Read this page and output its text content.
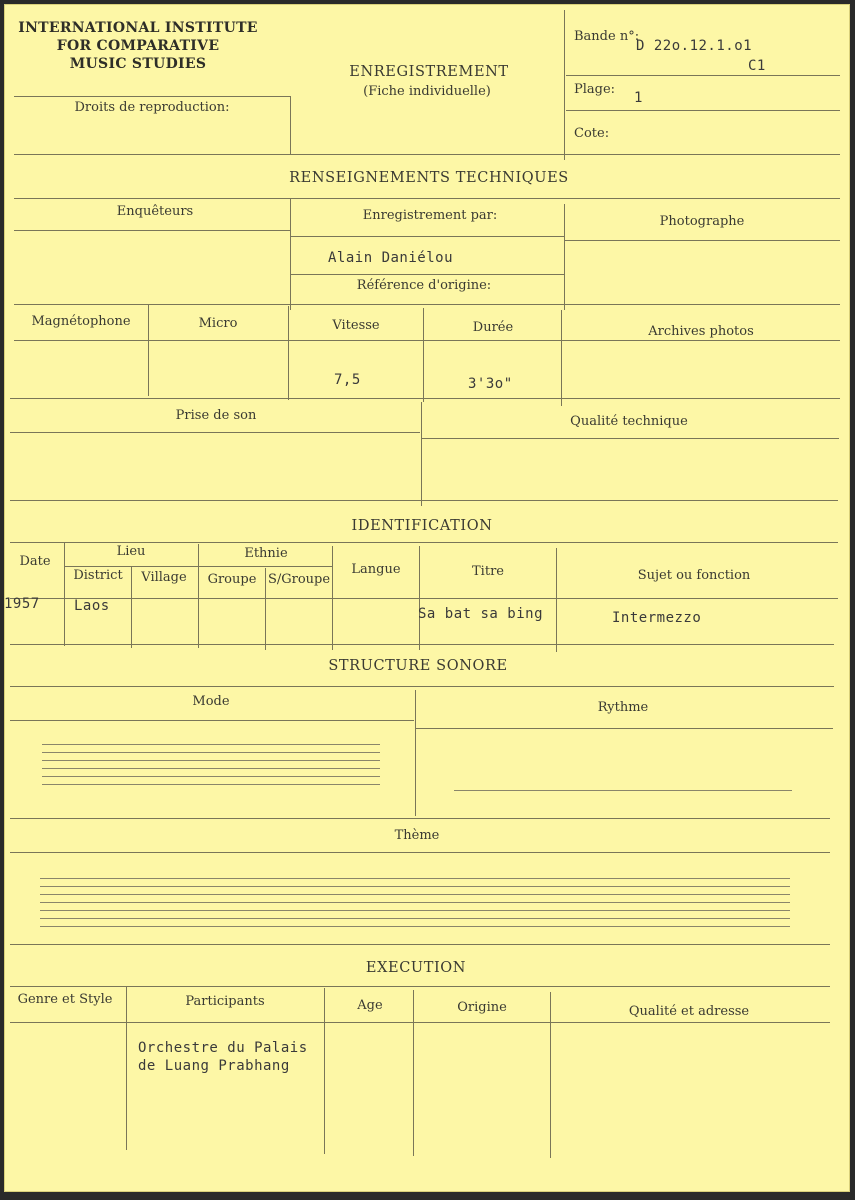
INTERNATIONAL INSTITUTE
FOR COMPARATIVE
MUSIC STUDIES	ENREGISTREMENT
(Fiche individuelle)
Droits de reproduction:
Bande n°:
D 22o.12.1.o1
C1
Plage:
1
Cote:
RENSEIGNEMENTS TECHNIQUES
Enquêteurs	Enregistrement par:	Photographe
Alain Daniélou
Référence d'origine:
Magnétophone	Micro	Vitesse	Durée	Archives photos
7,5	3'3o"
Prise de son	Qualité technique
IDENTIFICATION
Date
Lieu	Ethnie
District Village Groupe S/Groupe
Langue	Titre	Sujet ou fonction
1957 Laos	Sa bat sa bing	Intermezzo
STRUCTURE SONORE
Mode	Rythme
Thème
EXECUTION
Genre et Style	Participants	Age	Origine	Qualité et adresse
Orchestre du Palais
de Luang Prabhang
